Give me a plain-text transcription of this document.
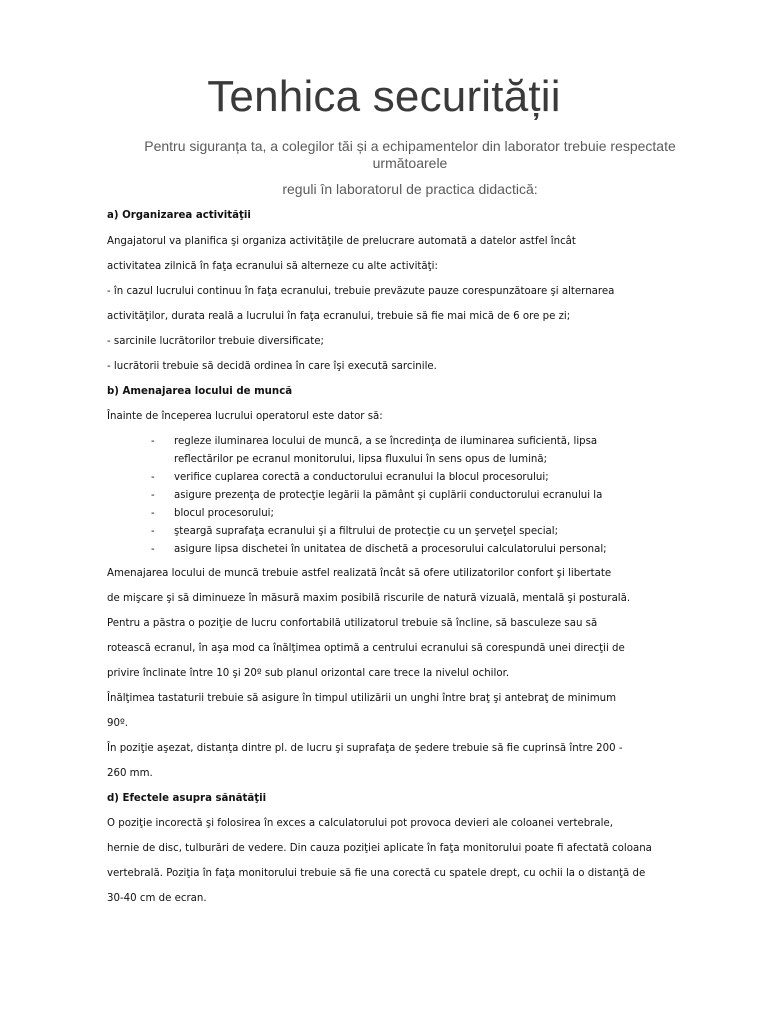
Tenhica securității
Pentru siguranța ta, a colegilor tăi și a echipamentelor din laborator trebuie respectate următoarele
reguli în laboratorul de practica didactică:
a) Organizarea activităţii
Angajatorul va planifica şi organiza activităţile de prelucrare automată a datelor astfel încât
activitatea zilnică în faţa ecranului să alterneze cu alte activităţi:
- în cazul lucrului continuu în faţa ecranului, trebuie prevăzute pauze corespunzătoare şi alternarea
activităţilor, durata reală a lucrului în faţa ecranului, trebuie să fie mai mică de 6 ore pe zi;
- sarcinile lucrătorilor trebuie diversificate;
- lucrătorii trebuie să decidă ordinea în care îşi execută sarcinile.
b) Amenajarea locului de muncă
Înainte de începerea lucrului operatorul este dator să:
- regleze iluminarea locului de muncă, a se încredinţa de iluminarea suficientă, lipsa
reflectărilor pe ecranul monitorului, lipsa fluxului în sens opus de lumină;
- verifice cuplarea corectă a conductorului ecranului la blocul procesorului;
- asigure prezenţa de protecţie legării la pământ şi cuplării conductorului ecranului la
- blocul procesorului;
- şteargă suprafaţa ecranului şi a filtrului de protecţie cu un şerveţel special;
- asigure lipsa dischetei în unitatea de dischetă a procesorului calculatorului personal;
Amenajarea locului de muncă trebuie astfel realizată încât să ofere utilizatorilor confort şi libertate
de mişcare şi să diminueze în măsură maxim posibilă riscurile de natură vizuală, mentală şi posturală.
Pentru a păstra o poziţie de lucru confortabilă utilizatorul trebuie să încline, să basculeze sau să
rotească ecranul, în aşa mod ca înălţimea optimă a centrului ecranului să corespundă unei direcţii de
privire înclinate între 10 şi 20º sub planul orizontal care trece la nivelul ochilor.
Înălţimea tastaturii trebuie să asigure în timpul utilizării un unghi între braţ şi antebraţ de minimum
90º.
În poziţie aşezat, distanţa dintre pl. de lucru şi suprafaţa de şedere trebuie să fie cuprinsă între 200 -
260 mm.
d) Efectele asupra sănătăţii
O poziţie incorectă şi folosirea în exces a calculatorului pot provoca devieri ale coloanei vertebrale,
hernie de disc, tulburări de vedere. Din cauza poziţiei aplicate în faţa monitorului poate fi afectată coloana
vertebrală. Poziţia în faţa monitorului trebuie să fie una corectă cu spatele drept, cu ochii la o distanţă de
30-40 cm de ecran.
